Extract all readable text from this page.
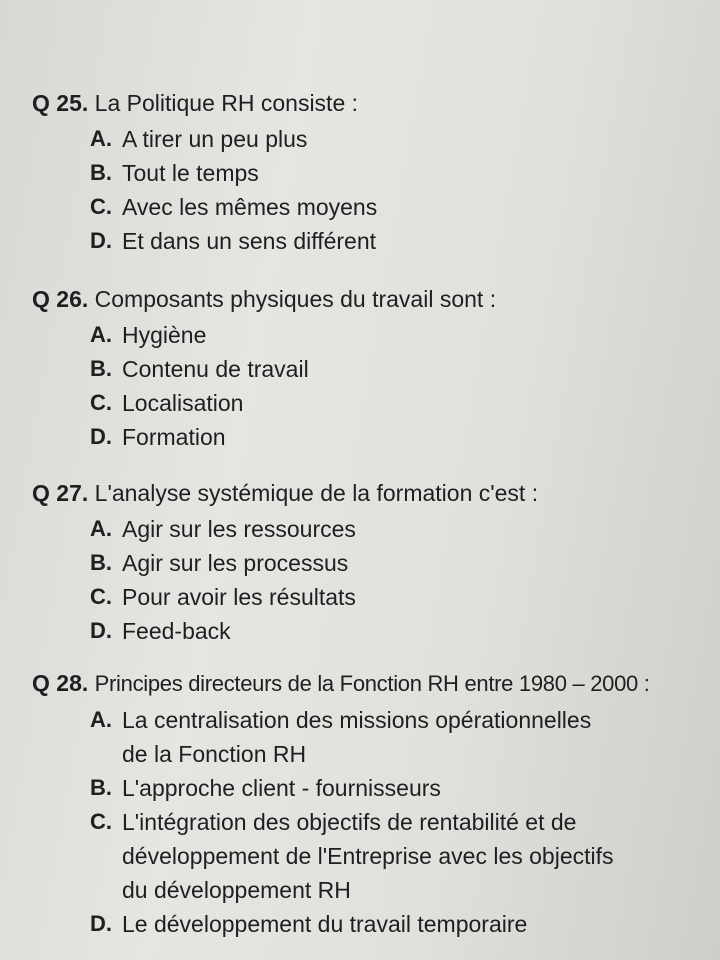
Q 25. La Politique RH consiste :
A. A tirer un peu plus
B. Tout le temps
C. Avec les mêmes moyens
D. Et dans un sens différent
Q 26. Composants physiques du travail sont :
A. Hygiène
B. Contenu de travail
C. Localisation
D. Formation
Q 27. L'analyse systémique de la formation c'est :
A. Agir sur les ressources
B. Agir sur les processus
C. Pour avoir les résultats
D. Feed-back
Q 28. Principes directeurs de la Fonction RH entre 1980 – 2000 :
A. La centralisation des missions opérationnelles de la Fonction RH
B. L'approche client - fournisseurs
C. L'intégration des objectifs de rentabilité et de développement de l'Entreprise avec les objectifs du développement RH
D. Le développement du travail temporaire
